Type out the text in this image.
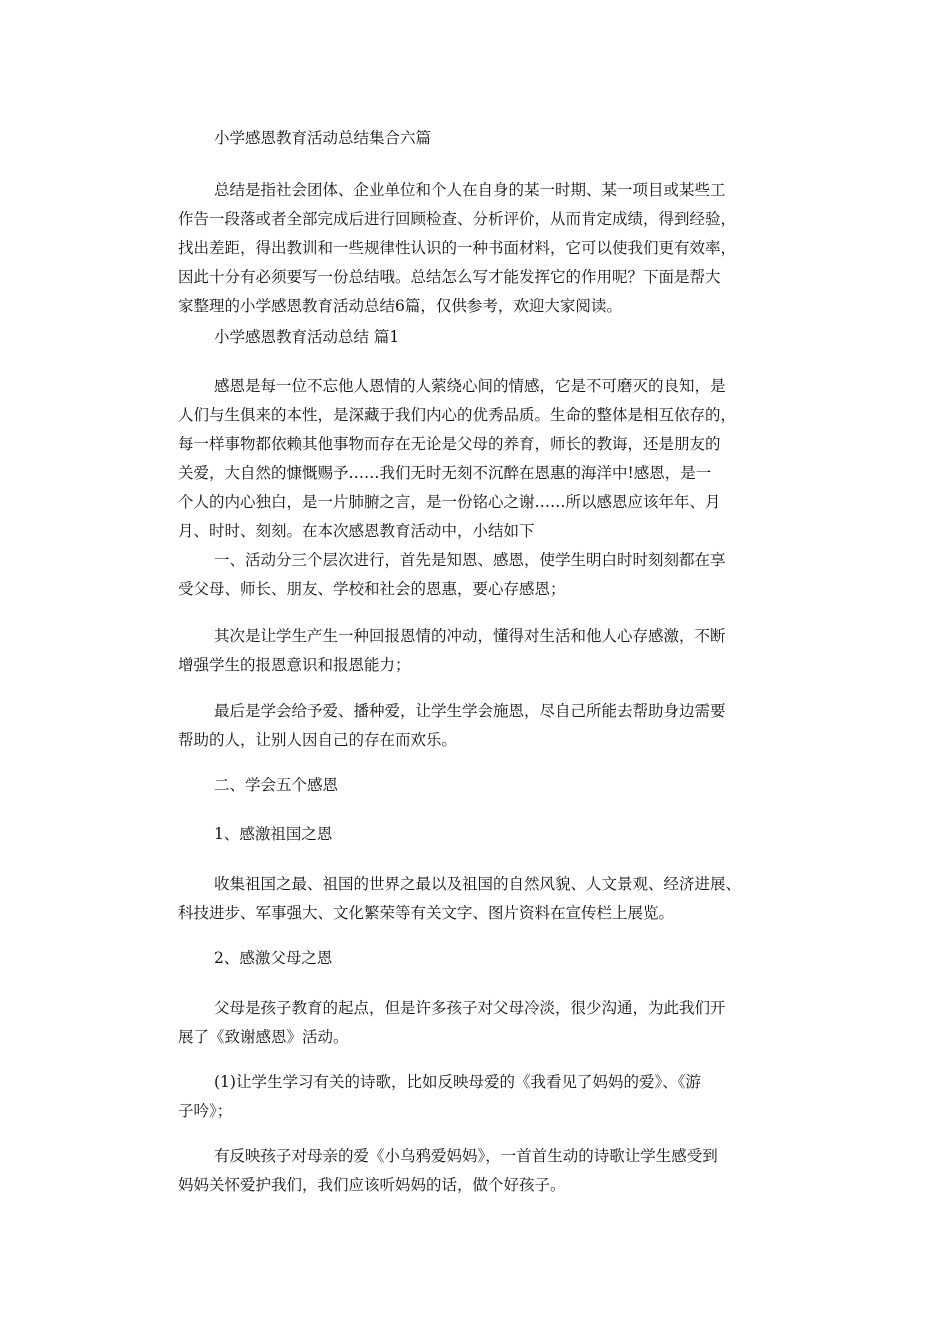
小学感恩教育活动总结集合六篇

总结是指社会团体、企业单位和个人在自身的某一时期、某一项目或某些工
作告一段落或者全部完成后进行回顾检查、分析评价，从而肯定成绩，得到经验，
找出差距，得出教训和一些规律性认识的一种书面材料，它可以使我们更有效率，
因此十分有必须要写一份总结哦。总结怎么写才能发挥它的作用呢？下面是帮大
家整理的小学感恩教育活动总结6篇，仅供参考，欢迎大家阅读。

小学感恩教育活动总结 篇1

感恩是每一位不忘他人恩情的人萦绕心间的情感，它是不可磨灭的良知，是
人们与生俱来的本性，是深藏于我们内心的优秀品质。生命的整体是相互依存的，
每一样事物都依赖其他事物而存在无论是父母的养育，师长的教诲，还是朋友的
关爱，大自然的慷慨赐予……我们无时无刻不沉醉在恩惠的海洋中!感恩，是一
个人的内心独白，是一片肺腑之言，是一份铭心之谢……所以感恩应该年年、月
月、时时、刻刻。在本次感恩教育活动中，小结如下

一、活动分三个层次进行，首先是知恩、感恩，使学生明白时时刻刻都在享
受父母、师长、朋友、学校和社会的恩惠，要心存感恩；

其次是让学生产生一种回报恩情的冲动，懂得对生活和他人心存感激，不断
增强学生的报恩意识和报恩能力；

最后是学会给予爱、播种爱，让学生学会施恩，尽自己所能去帮助身边需要
帮助的人，让别人因自己的存在而欢乐。

二、学会五个感恩

1、感激祖国之恩

收集祖国之最、祖国的世界之最以及祖国的自然风貌、人文景观、经济进展、
科技进步、军事强大、文化繁荣等有关文字、图片资料在宣传栏上展览。

2、感激父母之恩

父母是孩子教育的起点，但是许多孩子对父母冷淡，很少沟通，为此我们开
展了《致谢感恩》活动。

(1)让学生学习有关的诗歌，比如反映母爱的《我看见了妈妈的爱》、《游
子吟》；

有反映孩子对母亲的爱《小乌鸦爱妈妈》，一首首生动的诗歌让学生感受到
妈妈关怀爱护我们，我们应该听妈妈的话，做个好孩子。
